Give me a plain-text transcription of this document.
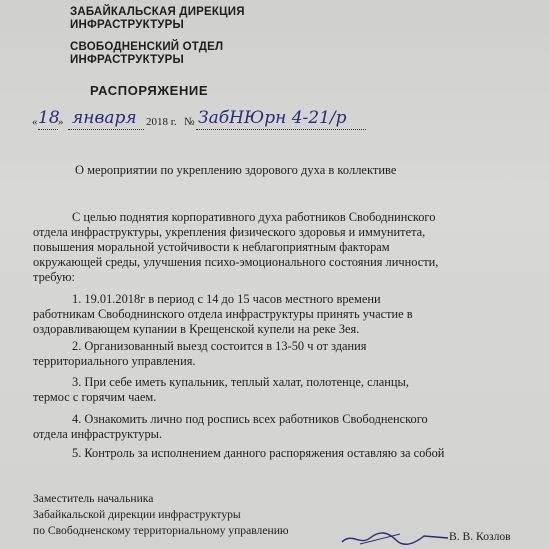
ЗАБАЙКАЛЬСКАЯ ДИРЕКЦИЯ
ИНФРАСТРУКТУРЫ
СВОБОДНЕНСКИЙ ОТДЕЛ
ИНФРАСТРУКТУРЫ
РАСПОРЯЖЕНИЕ
« 18
» января 2018 г. № ЗабНЮрн 4-21/р
О мероприятии по укреплению здорового духа в коллективе
С целью поднятия корпоративного духа работников Свободнинского
отдела инфраструктуры, укрепления физического здоровья и иммунитета,
повышения моральной устойчивости к неблагоприятным факторам
окружающей среды, улучшения психо-эмоционального состояния личности,
требую:
1. 19.01.2018г в период с 14 до 15 часов местного времени
работникам Свободнинского отдела инфраструктуры принять участие в
оздоравливающем купании в Крещенской купели на реке Зея.
2. Организованный выезд состоится в 13-50 ч от здания
территориального управления.
3. При себе иметь купальник, теплый халат, полотенце, сланцы,
термос с горячим чаем.
4. Ознакомить лично под роспись всех работников Свободненского
отдела инфраструктуры.
5. Контроль за исполнением данного распоряжения оставляю за собой
Заместитель начальника
Забайкальской дирекции инфраструктуры
по Свободненскому территориальному управлению	В. В. Козлов
